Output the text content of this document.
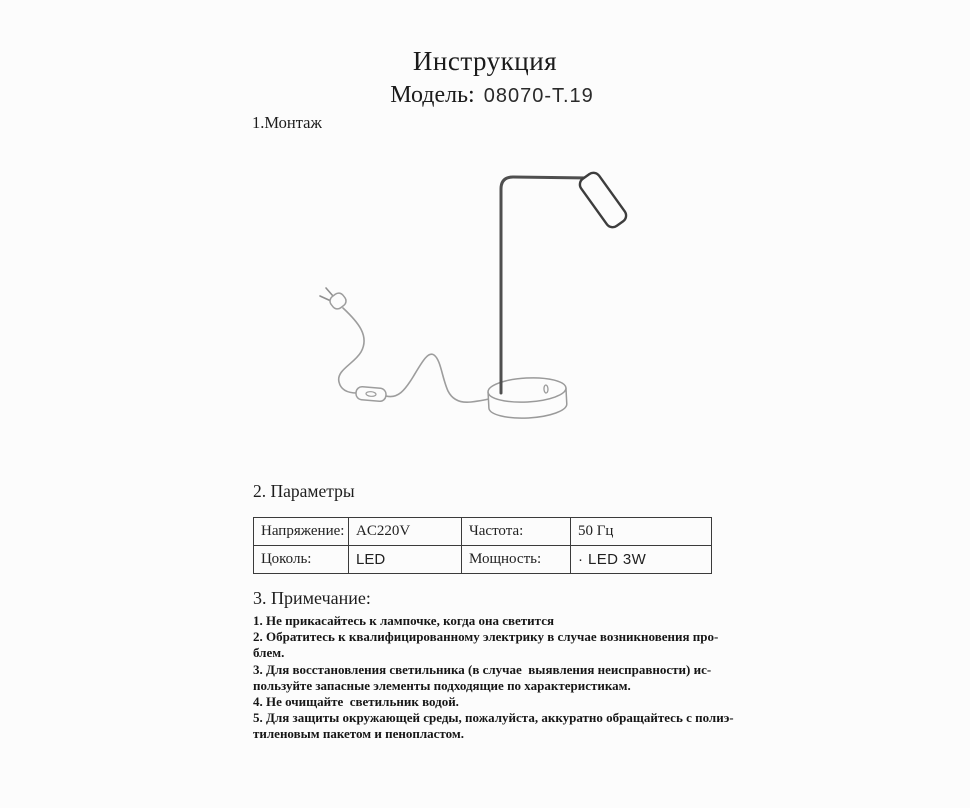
Инструкция
Модель: 08070-T.19
1.Монтаж
2. Параметры
Напряжение:	AC220V	Частота:	50 Гц
Цоколь:	LED	Мощность:	· LED 3W
3. Примечание:
1. Не прикасайтесь к лампочке, когда она светится
2. Обратитесь к квалифицированному электрику в случае возникновения про-
блем.
3. Для восстановления светильника (в случае  выявления неисправности) ис-
пользуйте запасные элементы подходящие по характеристикам.
4. Не очищайте  светильник водой.
5. Для защиты окружающей среды, пожалуйста, аккуратно обращайтесь с полиэ-
тиленовым пакетом и пенопластом.
